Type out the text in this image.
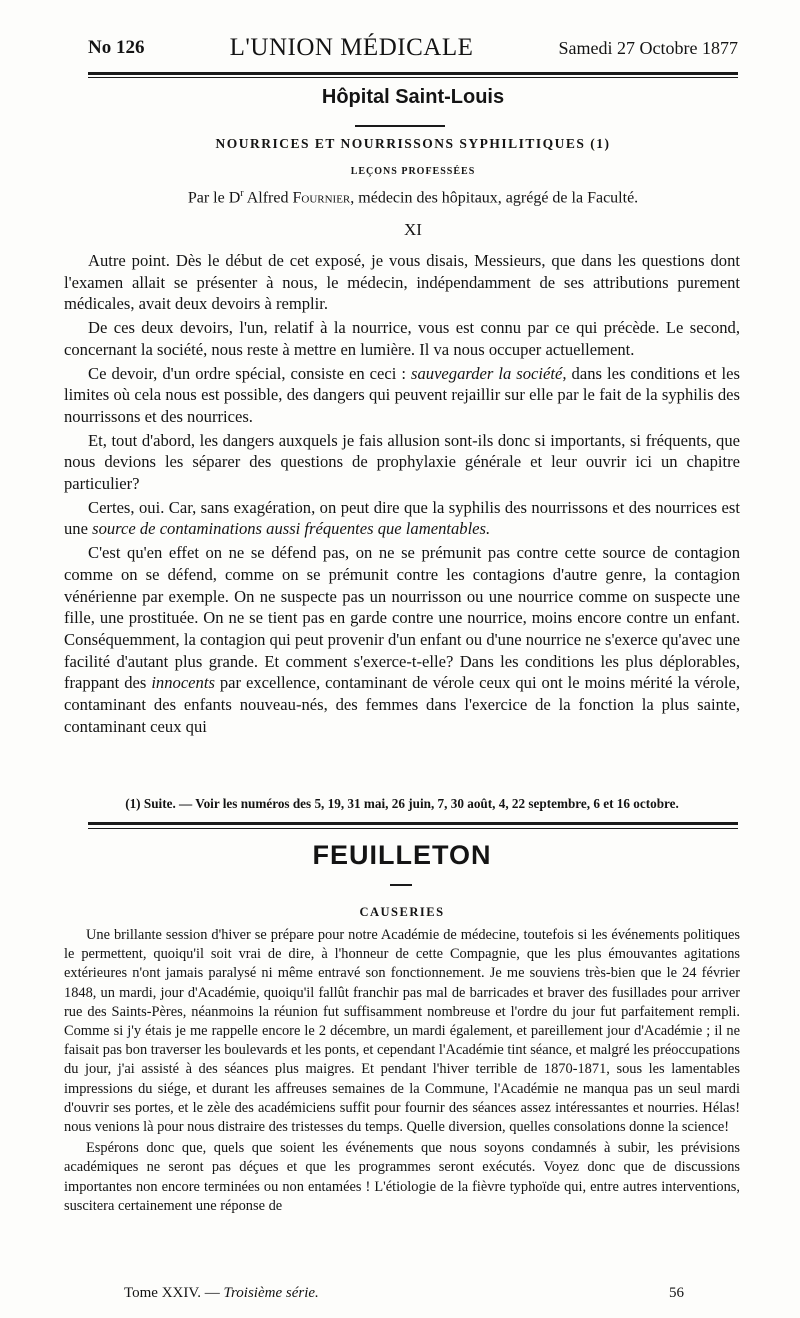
No 126	L'UNION MÉDICALE	Samedi 27 Octobre 1877
Hôpital Saint-Louis
NOURRICES ET NOURRISSONS SYPHILITIQUES (1)
LEÇONS PROFESSÉES
Par le $D^r$ Alfred Fournier, médecin des hôpitaux, agrégé de la Faculté.
XI

Autre point. Dès le début de cet exposé, je vous disais, Messieurs, que dans les questions dont l'examen allait se présenter à nous, le médecin, indépendamment de ses attributions purement médicales, avait deux devoirs à remplir.

De ces deux devoirs, l'un, relatif à la nourrice, vous est connu par ce qui précède. Le second, concernant la société, nous reste à mettre en lumière. Il va nous occuper actuellement.

Ce devoir, d'un ordre spécial, consiste en ceci : sauvegarder la société, dans les conditions et les limites où cela nous est possible, des dangers qui peuvent rejaillir sur elle par le fait de la syphilis des nourrissons et des nourrices.

Et, tout d'abord, les dangers auxquels je fais allusion sont-ils donc si importants, si fréquents, que nous devions les séparer des questions de prophylaxie générale et leur ouvrir ici un chapitre particulier?

Certes, oui. Car, sans exagération, on peut dire que la syphilis des nourrissons et des nourrices est une source de contaminations aussi fréquentes que lamentables.

C'est qu'en effet on ne se défend pas, on ne se prémunit pas contre cette source de contagion comme on se défend, comme on se prémunit contre les contagions d'autre genre, la contagion vénérienne par exemple. On ne suspecte pas un nourrisson ou une nourrice comme on suspecte une fille, une prostituée. On ne se tient pas en garde contre une nourrice, moins encore contre un enfant. Conséquemment, la contagion qui peut provenir d'un enfant ou d'une nourrice ne s'exerce qu'avec une facilité d'autant plus grande. Et comment s'exerce-t-elle? Dans les conditions les plus déplorables, frappant des innocents par excellence, contaminant de vérole ceux qui ont le moins mérité la vérole, contaminant des enfants nouveau-nés, des femmes dans l'exercice de la fonction la plus sainte, contaminant ceux qui

(1) Suite. — Voir les numéros des 5, 19, 31 mai, 26 juin, 7, 30 août, 4, 22 septembre, 6 et 16 octobre.
FEUILLETON
CAUSERIES

Une brillante session d'hiver se prépare pour notre Académie de médecine, toutefois si les événements politiques le permettent, quoiqu'il soit vrai de dire, à l'honneur de cette Compagnie, que les plus émouvantes agitations extérieures n'ont jamais paralysé ni même entravé son fonctionnement. Je me souviens très-bien que le 24 février 1848, un mardi, jour d'Académie, quoiqu'il fallût franchir pas mal de barricades et braver des fusillades pour arriver rue des Saints-Pères, néanmoins la réunion fut suffisamment nombreuse et l'ordre du jour fut parfaitement rempli. Comme si j'y étais je me rappelle encore le 2 décembre, un mardi également, et pareillement jour d'Académie ; il ne faisait pas bon traverser les boulevards et les ponts, et cependant l'Académie tint séance, et malgré les préoccupations du jour, j'ai assisté à des séances plus maigres. Et pendant l'hiver terrible de 1870-1871, sous les lamentables impressions du siége, et durant les affreuses semaines de la Commune, l'Académie ne manqua pas un seul mardi d'ouvrir ses portes, et le zèle des académiciens suffit pour fournir des séances assez intéressantes et nourries. Hélas! nous venions là pour nous distraire des tristesses du temps. Quelle diversion, quelles consolations donne la science!

Espérons donc que, quels que soient les événements que nous soyons condamnés à subir, les prévisions académiques ne seront pas déçues et que les programmes seront exécutés. Voyez donc que de discussions importantes non encore terminées ou non entamées ! L'étiologie de la fièvre typhoïde qui, entre autres interventions, suscitera certainement une réponse de

Tome XXIV. — Troisième série.	56
